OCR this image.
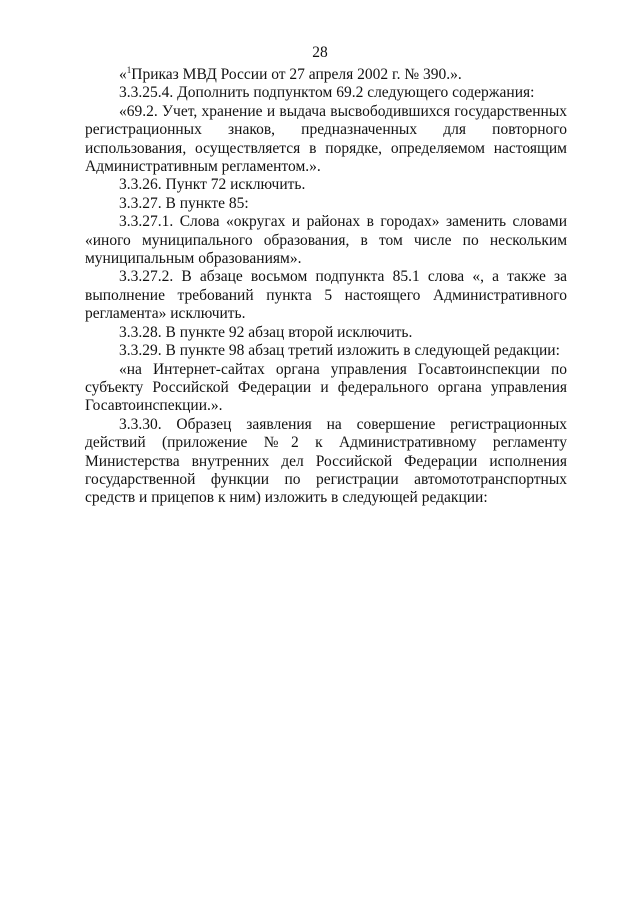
28

«$^1$Приказ МВД России от 27 апреля 2002 г. № 390.».

3.3.25.4. Дополнить подпунктом 69.2 следующего содержания:

«69.2. Учет, хранение и выдача высвободившихся государственных регистрационных знаков, предназначенных для повторного использования, осуществляется в порядке, определяемом настоящим Административным регламентом.».

3.3.26. Пункт 72 исключить.

3.3.27. В пункте 85:

3.3.27.1. Слова «округах и районах в городах» заменить словами «иного муниципального образования, в том числе по нескольким муниципальным образованиям».

3.3.27.2. В абзаце восьмом подпункта 85.1 слова «, а также за выполнение требований пункта 5 настоящего Административного регламента» исключить.

3.3.28. В пункте 92 абзац второй исключить.

3.3.29. В пункте 98 абзац третий изложить в следующей редакции:

«на Интернет-сайтах органа управления Госавтоинспекции по субъекту Российской Федерации и федерального органа управления Госавтоинспекции.».

3.3.30. Образец заявления на совершение регистрационных действий (приложение №2 к Административному регламенту Министерства внутренних дел Российской Федерации исполнения государственной функции по регистрации автомототранспортных средств и прицепов к ним) изложить в следующей редакции:
